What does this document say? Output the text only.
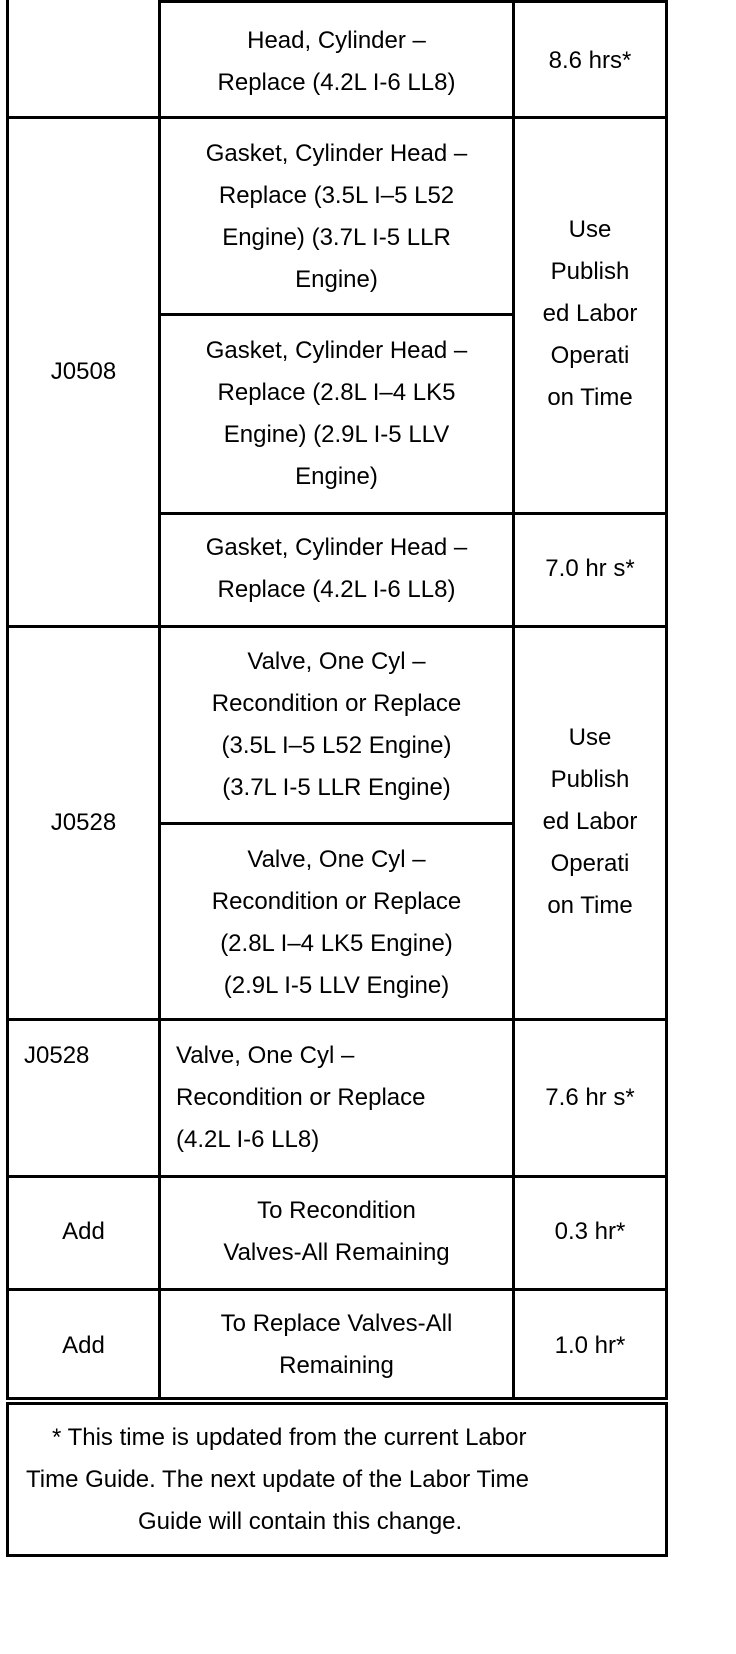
Head, Cylinder –
Replace (4.2L I-6 LL8)
8.6 hrs*
J0508
Gasket, Cylinder Head –
Replace (3.5L I–5 L52
Engine) (3.7L I-5 LLR
Engine)
Gasket, Cylinder Head –
Replace (2.8L I–4 LK5
Engine) (2.9L I-5 LLV
Engine)
Use
Publish
ed Labor
Operati
on Time
Gasket, Cylinder Head –
Replace (4.2L I-6 LL8)
7.0 hr s*
J0528
Valve, One Cyl –
Recondition or Replace
(3.5L I–5 L52 Engine)
(3.7L I-5 LLR Engine)
Valve, One Cyl –
Recondition or Replace
(2.8L I–4 LK5 Engine)
(2.9L I-5 LLV Engine)
Use
Publish
ed Labor
Operati
on Time
J0528	Valve, One Cyl –
Recondition or Replace
(4.2L I-6 LL8)
7.6 hr s*
Add
To Recondition
Valves-All Remaining
0.3 hr*
Add
To Replace Valves-All
Remaining
1.0 hr*
* This time is updated from the current Labor
Time Guide. The next update of the Labor Time
Guide will contain this change.
